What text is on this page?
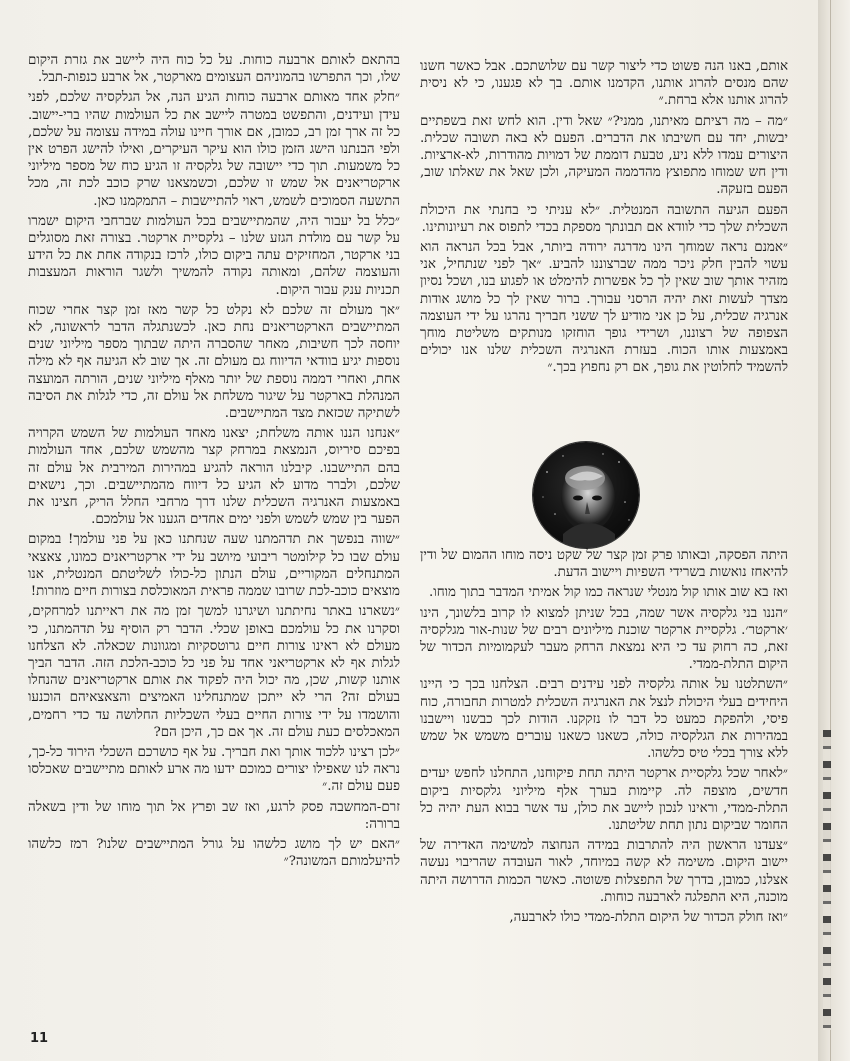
אותם, באנו הנה פשוט כדי ליצור קשר עם שלושתכם. אבל כאשר חשנו שהם מנסים להרוג אותנו, הקדמנו אותם. בך לא פגענו, כי לא ניסית להרוג אותנו אלא ברחת.״

״מה – מה רציתם מאיתנו, ממני?״ שאל ודין. הוא לחש זאת בשפתיים יבשות, יחד עם חשיבתו את הדברים. הפעם לא באה תשובה שכלית. היצורים עמדו ללא ניע, טבעת דוממת של דמויות מהודרות, לא-ארציות. ודין חש שמוחו מתפוצץ מהדממה המעיקה, ולכן שאל את שאלתו שוב, הפעם בזעקה.

הפעם הגיעה התשובה המנטלית. ״לא עניתי כי בחנתי את היכולת השכלית שלך כדי לוודא אם תבונתך מספקת בכדי לתפוס את רעיונותינו.

״אמנם נראה שמוחך הינו מדרגה ירודה ביותר, אבל בכל הנראה הוא עשוי להבין חלק ניכר ממה שברצוננו להביע. ״אך לפני שנתחיל, אני מזהיר אותך שוב שאין לך כל אפשרות להימלט או לפגוע בנו, ושכל נסיון מצדך לעשות זאת יהיה הרסני עבורך. ברור שאין לך כל מושג אודות אנרגיה שכלית, על כן אני מודיע לך ששני חבריך נהרגו על ידי העוצמה הצפופה של רצוננו, ושרידי גופך הוחזקו מנותקים משליטת מוחך באמצעות אותו הכוח. בעזרת האנרגיה השכלית שלנו אנו יכולים להשמיד לחלוטין את גופך, אם רק נחפוץ בכך.״

היתה הפסקה, ובאותו פרק זמן קצר של שקט ניסה מוחו ההמום של ודין להיאחז נואשות בשרידי השפיות ויישוב הדעת.

ואז בא שוב אותו קול מנטלי שנראה כמו קול אמיתי המדבר בתוך מוחו.

״הננו בני גלקסיה אשר שמה, בכל שניתן למצוא לו קרוב בלשונך, הינו ׳ארקטר׳. גלקסיית ארקטר שוכנת מיליונים רבים של שנות-אור מגלקסיה זאת, כה רחוק עד כי היא נמצאת הרחק מעבר לעקמומיות הכדור של היקום התלת-ממדי.

״השתלטנו על אותה גלקסיה לפני עידנים רבים. הצלחנו בכך כי היינו היחידים בעלי היכולת לנצל את האנרגיה השכלית למטרות תחבורה, כוח פיסי, ולהפקת כמעט כל דבר לו נזקקנו. הודות לכך כבשנו ויישבנו במהירות את הגלקסיה כולה, כשאנו כשאנו עוברים משמש אל שמש ללא צורך בכלי טיס כלשהו.

״לאחר שכל גלקסיית ארקטר היתה תחת פיקוחנו, התחלנו לחפש יעדים חדשים, מוצפה לה. קיימות בערך אלף מיליוני גלקסיות ביקום התלת-ממדי, וראינו לנכון ליישב את כולן, עד אשר בבוא העת יהיה כל החומר שביקום נתון תחת שליטתנו.

״צעדנו הראשון היה להתרבות במידה הנחוצה למשימה האדירה של יישוב היקום. משימה לא קשה במיוחד, לאור העובדה שהריבוי נעשה אצלנו, כמובן, בדרך של התפצלות פשוטה. כאשר הכמות הדרושה היתה מוכנה, היא התפלגה לארבעה כוחות.

״ואז חולק הכדור של היקום התלת-ממדי כולו לארבעה,

בהתאם לאותם ארבעה כוחות. על כל כוח היה ליישב את גזרת היקום שלו, וכך התפרשו בהמוניהם העצומים מארקטר, אל ארבע כנפות-תבל.

״חלק אחד מאותם ארבעה כוחות הגיע הנה, אל הגלקסיה שלכם, לפני עידן ועידנים, והתפשט במטרה ליישב את כל העולמות שהיו ברי-יישוב. כל זה ארך זמן רב, כמובן, אם אורך חיינו עולה במידה עצומה על שלכם, ולפי הבנתנו הישג הזמן כולו הוא עיקר העיקרים, ואילו להישג הפרט אין כל משמעות. תוך כדי יישובה של גלקסיה זו הגיע כוח של מספר מיליוני ארקטריאנים אל שמש זו שלכם, וכשמצאנו שרק כוכב לכת זה, מכל התשעה הסמוכים לשמש, ראוי להתיישבות – התמקמנו כאן.

״כלל בל יעבור היה, שהמתיישבים בכל העולמות שברחבי היקום ישמרו על קשר עם מולדת הגזע שלנו – גלקסיית ארקטר. בצורה זאת מסוגלים בני ארקטר, המחזיקים עתה ביקום כולו, לרכז בנקודה אחת את כל הידע והעוצמה שלהם, ומאותה נקודה להמשיך ולשגר הוראות המעצבות תכניות ענק עבור היקום.

״אך מעולם זה שלכם לא נקלט כל קשר מאז זמן קצר אחרי שכוח המתיישבים הארקטריאנים נחת כאן. לכשנתגלה הדבר לראשונה, לא יוחסה לכך חשיבות, מאחר שהסברה היתה שבתוך מספר מיליוני שנים נוספות יגיע בוודאי הדיווח גם מעולם זה. אך שוב לא הגיעה אף לא מילה אחת, ואחרי דממה נוספת של יותר מאלף מיליוני שנים, הורתה המועצה המנהלת בארקטר על שיגור משלחת אל עולם זה, כדי לגלות את הסיבה לשתיקה שכזאת מצד המתיישבים.

״אנחנו הננו אותה משלחת; יצאנו מאחד העולמות של השמש הקרויה בפיכם סיריוס, הנמצאת במרחק קצר מהשמש שלכם, אחד העולמות בהם התיישבנו. קיבלנו הוראה להגיע במהירות המירבית אל עולם זה שלכם, ולברר מדוע לא הגיע כל דיווח מהמתיישבים. וכך, נישאים באמצעות האנרגיה השכלית שלנו דרך מרחבי החלל הריק, חצינו את הפער בין שמש לשמש ולפני ימים אחדים הגענו אל עולמכם.

״שווה בנפשך את תדהמתנו שעה שנחתנו כאן על פני עולמך! במקום עולם שבו כל קילומטר ריבועי מיושב על ידי ארקטריאנים כמונו, צאצאי המתנחלים המקוריים, עולם הנתון כל-כולו לשליטתם המנטלית, אנו מוצאים כוכב-לכת שרובו שממה פראית המאוכלסת בצורות חיים מוזרות!

״נשארנו באתר נחיתתנו ושיגרנו למשך זמן מה את ראייתנו למרחקים, וסקרנו את כל עולמכם באופן שכלי. הדבר רק הוסיף על תדהמתנו, כי מעולם לא ראינו צורות חיים גרוטסקיות ומגוונות שכאלה. לא הצלחנו לגלות אף לא ארקטריאני אחד על פני כל כוכב-הלכת הזה. הדבר הביך אותנו קשות, שכן, מה יכול היה לפקוד את אותם ארקטריאנים שהנחלו בעולם זה? הרי לא ייתכן שמתנחלינו האמיצים והצאצאיהם הוכנעו והושמדו על ידי צורות החיים בעלי השכליות החלושה עד כדי רחמים, המאכלסים כעת עולם זה. אך אם כך, היכן הם?

״לכן רצינו ללכוד אותך ואת חבריך. על אף כושרכם השכלי הירוד כל-כך, נראה לנו שאפילו יצורים כמוכם ידעו מה ארע לאותם מתיישבים שאכלסו פעם עולם זה.״

זרם-המחשבה פסק לרגע, ואז שב ופרץ אל תוך מוחו של ודין בשאלה ברורה:

״האם יש לך מושג כלשהו על גורל המתיישבים שלנו? רמז כלשהו להיעלמותם המשונה?״

11
